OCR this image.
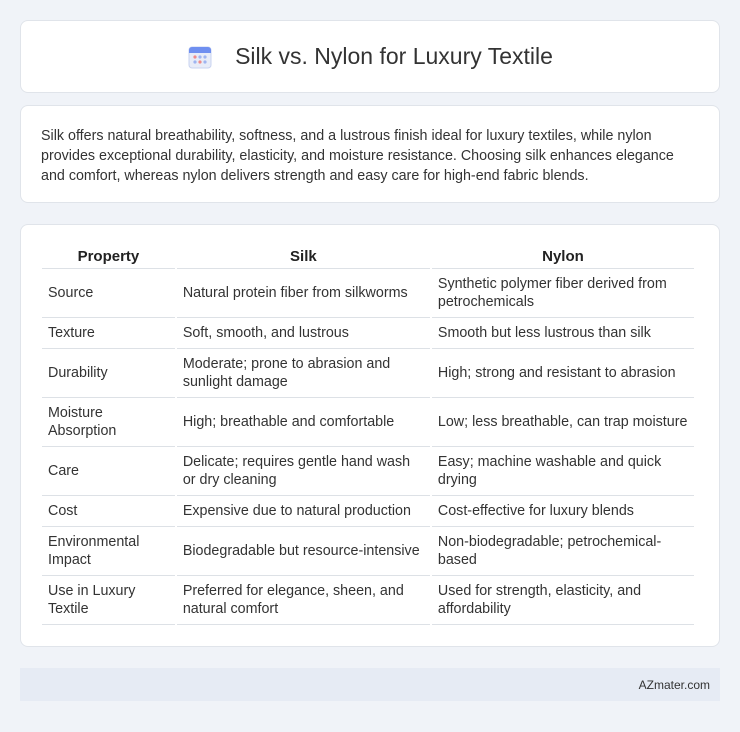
Silk vs. Nylon for Luxury Textile

Silk offers natural breathability, softness, and a lustrous finish ideal for luxury textiles, while nylon provides exceptional durability, elasticity, and moisture resistance. Choosing silk enhances elegance and comfort, whereas nylon delivers strength and easy care for high-end fabric blends.

Property	Silk	Nylon
Source	Natural protein fiber from silkworms	Synthetic polymer fiber derived from petrochemicals
Texture	Soft, smooth, and lustrous	Smooth but less lustrous than silk
Durability	Moderate; prone to abrasion and sunlight damage	High; strong and resistant to abrasion
Moisture Absorption	High; breathable and comfortable	Low; less breathable, can trap moisture
Care	Delicate; requires gentle hand wash or dry cleaning	Easy; machine washable and quick drying
Cost	Expensive due to natural production	Cost-effective for luxury blends
Environmental Impact	Biodegradable but resource-intensive	Non-biodegradable; petrochemical-based
Use in Luxury Textile	Preferred for elegance, sheen, and natural comfort	Used for strength, elasticity, and affordability
AZmater.com
